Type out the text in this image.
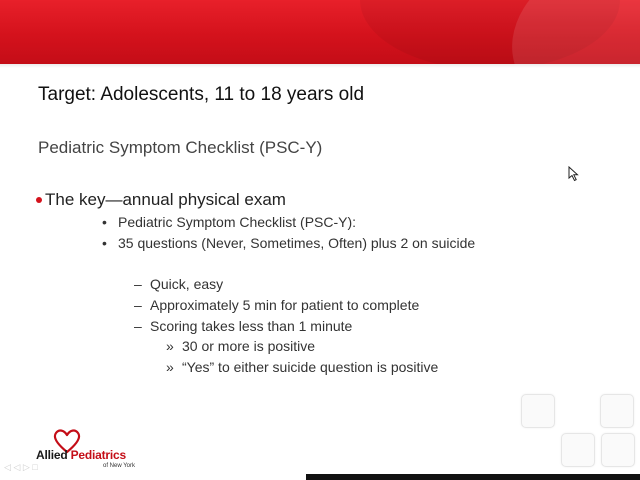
Target: Adolescents, 11 to 18 years old
Pediatric Symptom Checklist (PSC-Y)
The key—annual physical exam
• Pediatric Symptom Checklist (PSC-Y):
• 35 questions (Never, Sometimes, Often) plus 2 on suicide
– Quick, easy
– Approximately 5 min for patient to complete
– Scoring takes less than 1 minute
» 30 or more is positive
» “Yes” to either suicide question is positive
Allied Pediatrics
of New York
◁ ◁ ▷ □
